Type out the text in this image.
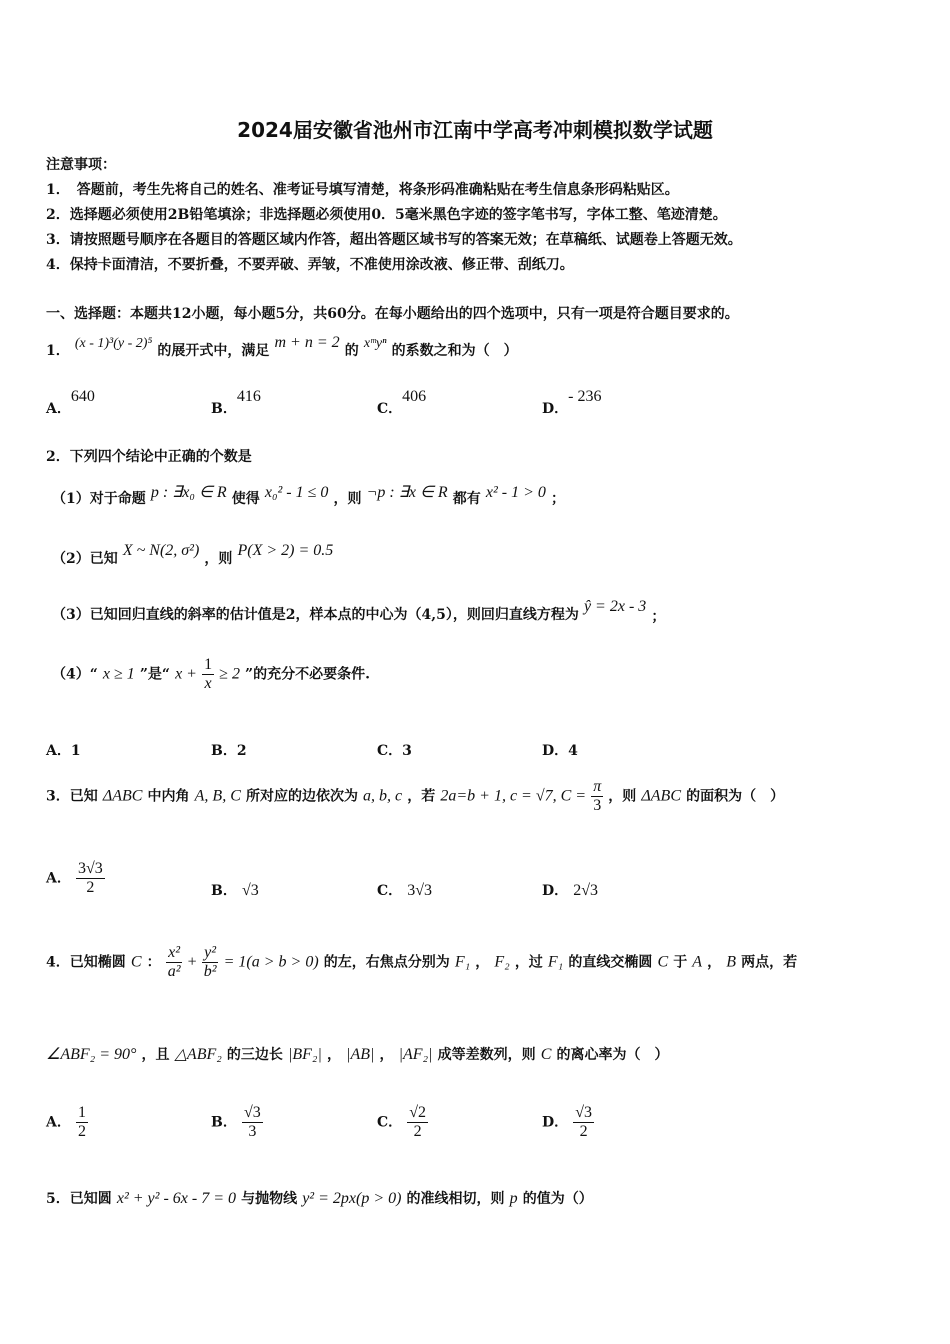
2024届安徽省池州市江南中学高考冲刺模拟数学试题
注意事项：
1．　答题前，考生先将自己的姓名、准考证号填写清楚，将条形码准确粘贴在考生信息条形码粘贴区。
2．选择题必须使用2B铅笔填涂；非选择题必须使用0．5毫米黑色字迹的签字笔书写，字体工整、笔迹清楚。
3．请按照题号顺序在各题目的答题区域内作答，超出答题区域书写的答案无效；在草稿纸、试题卷上答题无效。
4．保持卡面清洁，不要折叠，不要弄破、弄皱，不准使用涂改液、修正带、刮纸刀。
一、选择题：本题共12小题，每小题5分，共60分。在每小题给出的四个选项中，只有一项是符合题目要求的。
1． (x - 1)³(y - 2)⁵ 的展开式中，满足 m + n = 2 的 xᵐyⁿ 的系数之和为（　）
A．640
B．416
C．406
D．- 236
2．下列四个结论中正确的个数是
（1）对于命题 p : ∃x₀ ∈ R 使得 x₀² - 1 ≤ 0 ，则 ¬p : ∃x ∈ R 都有 x² - 1 > 0 ；
（2）已知 X ~ N(2, σ²) ，则 P(X > 2) = 0.5
（3）已知回归直线的斜率的估计值是2，样本点的中心为（4,5），则回归直线方程为 ŷ = 2x - 3 ；
（4）“ x ≥ 1 ”是“ $x + \frac{1}{x} \ge 2$ ”的充分不必要条件.
A．1	B．2	C．3	D．4
3．已知 ΔABC 中内角 A, B, C 所对应的边依次为 a, b, c ，若 2a=b + 1, c = √7, $C = \frac{\pi}{3}$ ，则 ΔABC 的面积为（　）
A． $\frac{3√3}{2}$	B． √3	C． 3√3	D． 2√3
4．已知椭圆 C ： $\frac{\text{x²}}{\text{a²}} + \frac{\text{y²}}{\text{b²}} = 1(a > b > 0)$ 的左，右焦点分别为 F₁ ， F₂ ，过 F₁ 的直线交椭圆 C 于 A ， B 两点，若
∠ABF₂ = 90° ，且 △ABF₂ 的三边长 |BF₂| ， |AB| ， |AF₂| 成等差数列，则 C 的离心率为（　）
A． $\frac{1}{2}$	B． $\frac{√3}{3}$	C． $\frac{√2}{2}$	D． $\frac{√3}{2}$
5．已知圆 x² + y² - 6x - 7 = 0 与抛物线 y² = 2px(p > 0) 的准线相切，则 p 的值为（）
